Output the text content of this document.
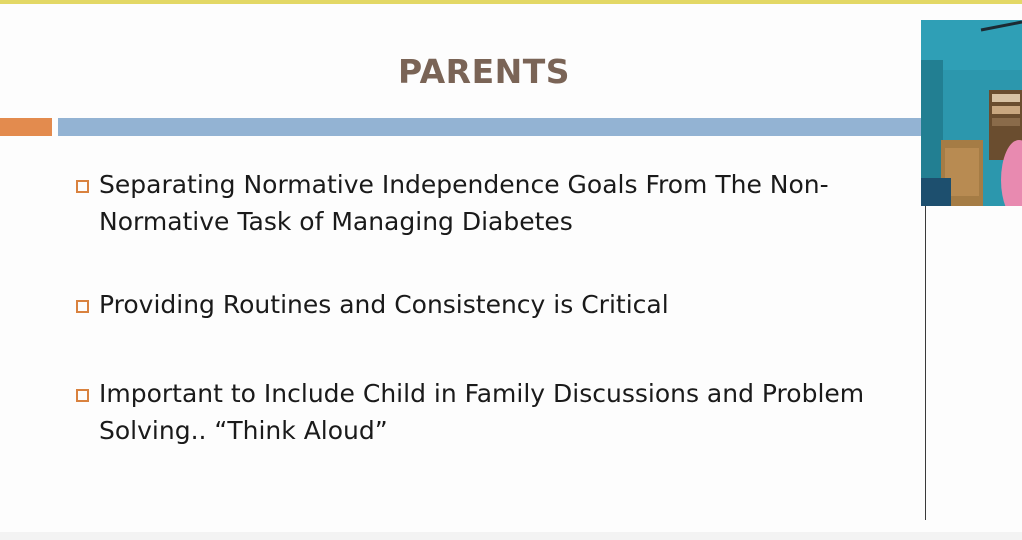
PARENTS
Separating Normative Independence Goals From The Non-Normative Task of Managing Diabetes
Providing Routines and Consistency is Critical
Important to Include Child in Family Discussions and Problem Solving.. “Think Aloud”
